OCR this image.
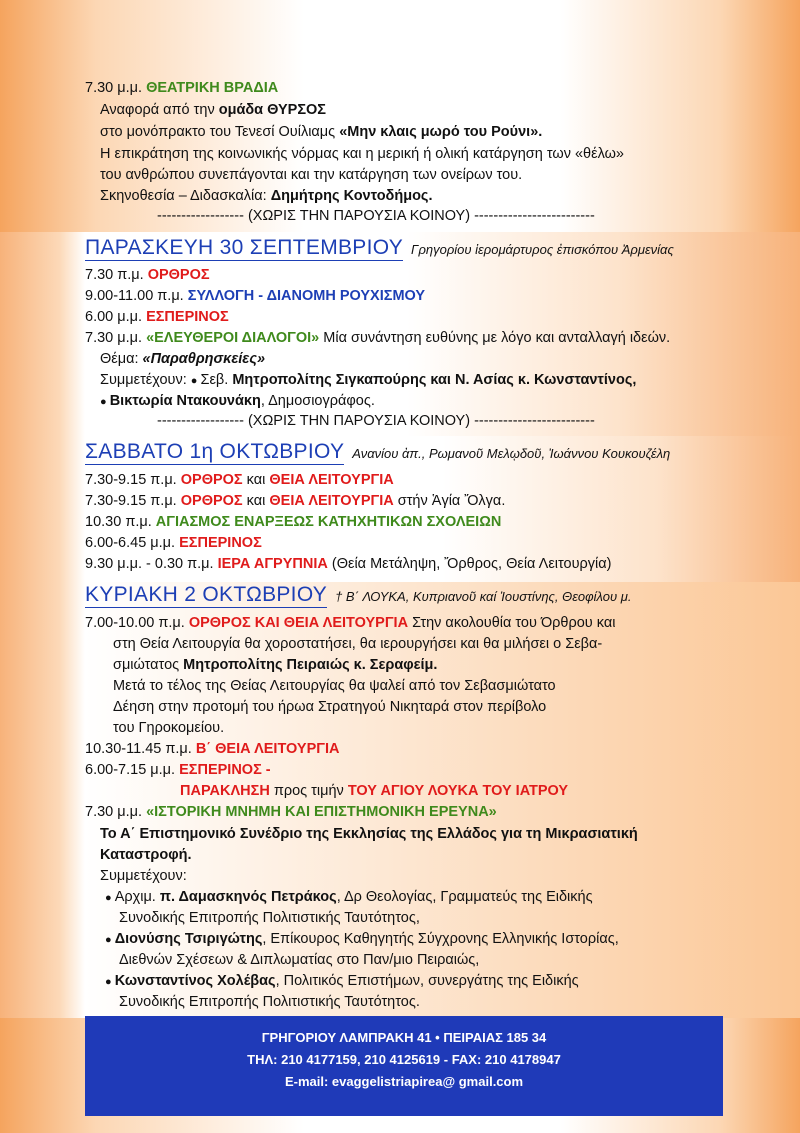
7.30 μ.μ. ΘΕΑΤΡΙΚΗ ΒΡΑΔΙΑ
Αναφορά από την ομάδα ΘΥΡΣΟΣ
στο μονόπρακτο του Τενεσί Ουίλιαμς «Μην κλαις μωρό του Ρούνι».
Η επικράτηση της κοινωνικής νόρμας και η μερική ή ολική κατάργηση των «θέλω»
του ανθρώπου συνεπάγονται και την κατάργηση των ονείρων του.
Σκηνοθεσία – Διδασκαλία: Δημήτρης Κοντοδήμος.
------------------ (ΧΩΡΙΣ ΤΗΝ ΠΑΡΟΥΣΙΑ ΚΟΙΝΟΥ) -------------------------
ΠΑΡΑΣΚΕΥΗ 30 ΣΕΠΤΕΜΒΡΙΟΥ Γρηγορίου ἱερομάρτυρος ἐπισκόπου Ἀρμενίας
7.30 π.μ. ΟΡΘΡΟΣ
9.00-11.00 π.μ. ΣΥΛΛΟΓΗ - ΔΙΑΝΟΜΗ ΡΟΥΧΙΣΜΟΥ
6.00 μ.μ. ΕΣΠΕΡΙΝΟΣ
7.30 μ.μ. «ΕΛΕΥΘΕΡΟΙ ΔΙΑΛΟΓΟΙ» Μία συνάντηση ευθύνης με λόγο και ανταλλαγή ιδεών.
Θέμα: «Παραθρησκείες»
Συμμετέχουν: ● Σεβ. Μητροπολίτης Σιγκαπούρης και Ν. Ασίας κ. Κωνσταντίνος,
● Βικτωρία Ντακουνάκη, Δημοσιογράφος.
------------------ (ΧΩΡΙΣ ΤΗΝ ΠΑΡΟΥΣΙΑ ΚΟΙΝΟΥ) -------------------------
ΣΑΒΒΑΤΟ 1η ΟΚΤΩΒΡΙΟΥ Ανανίου ἀπ., Ρωμανοῦ Μελῳδοῦ, Ἰωάννου Κουκουζέλη
7.30-9.15 π.μ. ΟΡΘΡΟΣ και ΘΕΙΑ ΛΕΙΤΟΥΡΓΙΑ
7.30-9.15 π.μ. ΟΡΘΡΟΣ και ΘΕΙΑ ΛΕΙΤΟΥΡΓΙΑ στήν Ἁγία Ὄλγα.
10.30 π.μ. ΑΓΙΑΣΜΟΣ ΕΝΑΡΞΕΩΣ ΚΑΤΗΧΗΤΙΚΩΝ ΣΧΟΛΕΙΩΝ
6.00-6.45 μ.μ. ΕΣΠΕΡΙΝΟΣ
9.30 μ.μ. - 0.30 π.μ. ΙΕΡΑ ΑΓΡΥΠΝΙΑ (Θεία Μετάληψη, Ὄρθρος, Θεία Λειτουργία)
ΚΥΡΙΑΚΗ 2 ΟΚΤΩΒΡΙΟΥ † Β΄ ΛΟΥΚΑ, Κυπριανοῦ καί Ἰουστίνης, Θεοφίλου μ.
7.00-10.00 π.μ. ΟΡΘΡΟΣ ΚΑΙ ΘΕΙΑ ΛΕΙΤΟΥΡΓΙΑ Στην ακολουθία του Όρθρου και
στη Θεία Λειτουργία θα χοροστατήσει, θα ιερουργήσει και θα μιλήσει ο Σεβα-
σμιώτατος Μητροπολίτης Πειραιώς κ. Σεραφείμ.
Μετά το τέλος της Θείας Λειτουργίας θα ψαλεί από τον Σεβασμιώτατο
Δέηση στην προτομή του ήρωα Στρατηγού Νικηταρά στον περίβολο
του Γηροκομείου.
10.30-11.45 π.μ. Β΄ ΘΕΙΑ ΛΕΙΤΟΥΡΓΙΑ
6.00-7.15 μ.μ. ΕΣΠΕΡΙΝΟΣ -
ΠΑΡΑΚΛΗΣΗ προς τιμήν ΤΟΥ ΑΓΙΟΥ ΛΟΥΚΑ ΤΟΥ ΙΑΤΡΟΥ
7.30 μ.μ. «ΙΣΤΟΡΙΚΗ ΜΝΗΜΗ ΚΑΙ ΕΠΙΣΤΗΜΟΝΙΚΗ ΕΡΕΥΝΑ»
Το Α΄ Επιστημονικό Συνέδριο της Εκκλησίας της Ελλάδος για τη Μικρασιατική
Καταστροφή.
Συμμετέχουν:
● Αρχιμ. π. Δαμασκηνός Πετράκος, Δρ Θεολογίας, Γραμματεύς της Ειδικής
Συνοδικής Επιτροπής Πολιτιστικής Ταυτότητος,
● Διονύσης Τσιριγώτης, Επίκουρος Καθηγητής Σύγχρονης Ελληνικής Ιστορίας,
Διεθνών Σχέσεων & Διπλωματίας στο Παν/μιο Πειραιώς,
● Κωνσταντίνος Χολέβας, Πολιτικός Επιστήμων, συνεργάτης της Ειδικής
Συνοδικής Επιτροπής Πολιτιστικής Ταυτότητος.
ΓΡΗΓΟΡΙΟΥ ΛΑΜΠΡΑΚΗ 41 • ΠΕΙΡΑΙΑΣ 185 34
ΤΗΛ: 210 4177159, 210 4125619 - FAX: 210 4178947
E-mail: evaggelistriapirea@ gmail.com
